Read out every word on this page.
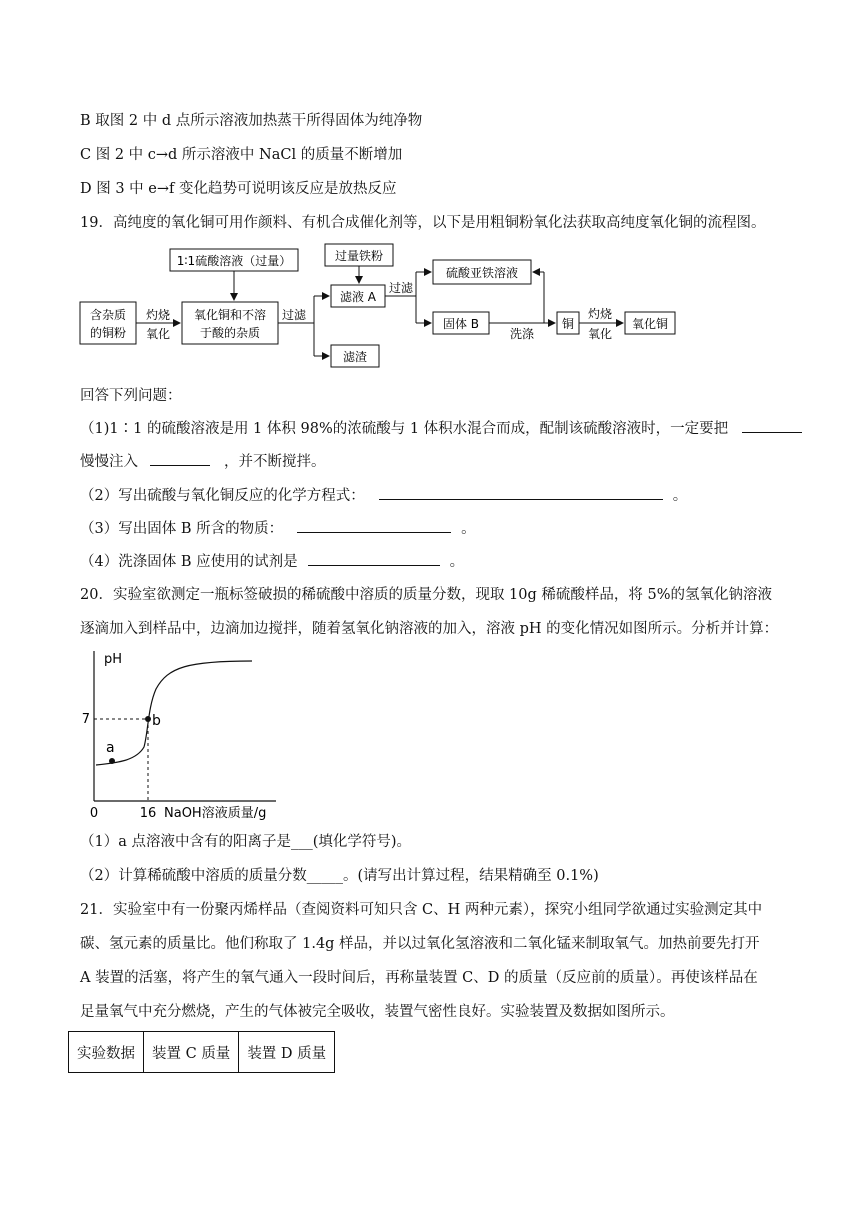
B 取图 2 中 d 点所示溶液加热蒸干所得固体为纯净物
C 图 2 中 c→d 所示溶液中 NaCl 的质量不断增加
D 图 3 中 e→f 变化趋势可说明该反应是放热反应
19．高纯度的氧化铜可用作颜料、有机合成催化剂等，以下是用粗铜粉氧化法获取高纯度氧化铜的流程图。
1∶1硫酸溶液（过量）	过量铁粉
硫酸亚铁溶液
含杂质
的铜粉
氧化铜和不溶
于酸的杂质
滤液 A
滤渣
固体 B	铜	氧化铜
灼烧
氧化
过滤
过滤
洗涤
灼烧
氧化
回答下列问题：
（1)1∶1 的硫酸溶液是用 1 体积 98%的浓硫酸与 1 体积水混合而成，配制该硫酸溶液时，一定要把
慢慢注入	，并不断搅拌。
（2）写出硫酸与氧化铜反应的化学方程式：	。
（3）写出固体 B 所含的物质：	。
（4）洗涤固体 B 应使用的试剂是	。
20．实验室欲测定一瓶标签破损的稀硫酸中溶质的质量分数，现取 10g 稀硫酸样品，将 5%的氢氧化钠溶液
逐滴加入到样品中，边滴加边搅拌，随着氢氧化钠溶液的加入，溶液 pH 的变化情况如图所示。分析并计算：
pH
NaOH溶液质量/g
0	16
7
a
b
（1）a 点溶液中含有的阳离子是___(填化学符号)。
（2）计算稀硫酸中溶质的质量分数_____。(请写出计算过程，结果精确至 0.1%)
21．实验室中有一份聚丙烯样品（查阅资料可知只含 C、H 两种元素），探究小组同学欲通过实验测定其中
碳、氢元素的质量比。他们称取了 1.4g 样品，并以过氧化氢溶液和二氧化锰来制取氧气。加热前要先打开
A 装置的活塞，将产生的氧气通入一段时间后，再称量装置 C、D 的质量（反应前的质量）。再使该样品在
足量氧气中充分燃烧，产生的气体被完全吸收，装置气密性良好。实验装置及数据如图所示。
实验数据	装置 C 质量	装置 D 质量
